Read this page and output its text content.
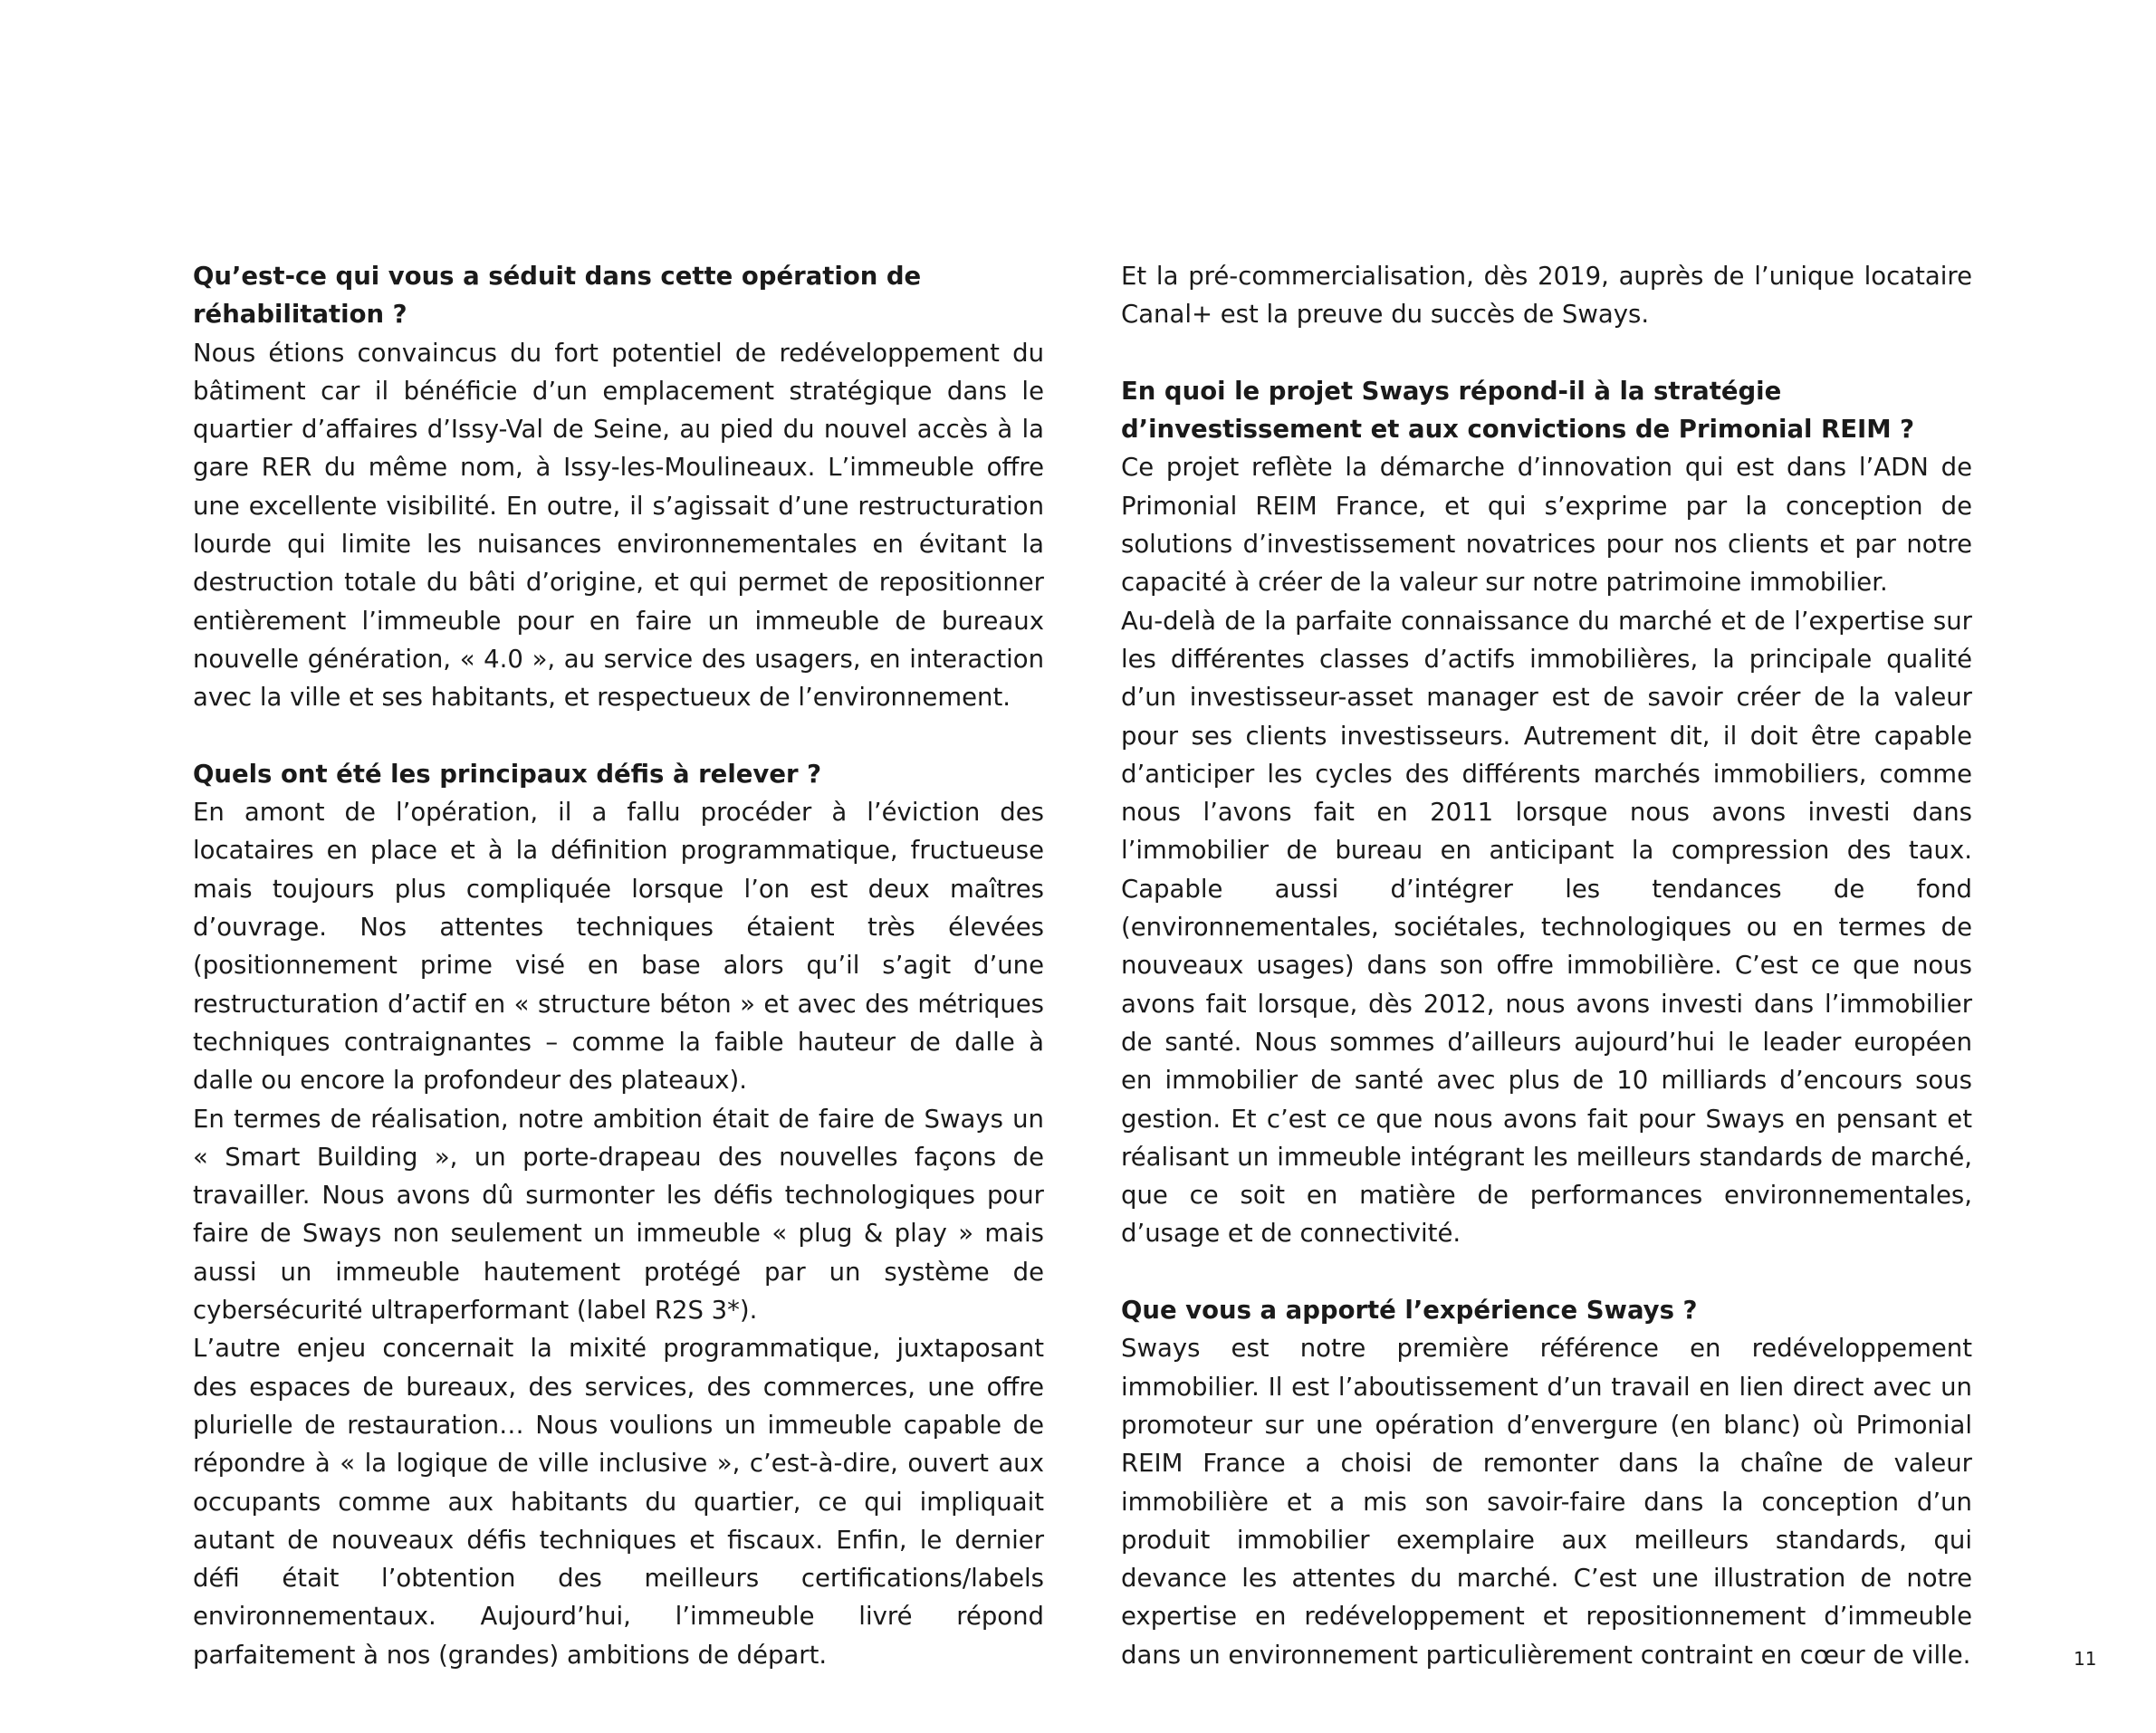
Qu’est-ce qui vous a séduit dans cette opération de réhabilitation ?

Nous étions convaincus du fort potentiel de redéveloppement du bâtiment car il bénéficie d’un emplacement stratégique dans le quartier d’affaires d’Issy-Val de Seine, au pied du nouvel accès à la gare RER du même nom, à Issy-les-Moulineaux. L’immeuble offre une excellente visibilité. En outre, il s’agissait d’une restructuration lourde qui limite les nuisances environnementales en évitant la destruction totale du bâti d’origine, et qui permet de repositionner entièrement l’immeuble pour en faire un immeuble de bureaux nouvelle génération, « 4.0 », au service des usagers, en interaction avec la ville et ses habitants, et respectueux de l’environnement.

Quels ont été les principaux défis à relever ?

En amont de l’opération, il a fallu procéder à l’éviction des locataires en place et à la définition programmatique, fructueuse mais toujours plus compliquée lorsque l’on est deux maîtres d’ouvrage. Nos attentes techniques étaient très élevées (positionnement prime visé en base alors qu’il s’agit d’une restructuration d’actif en « structure béton » et avec des métriques techniques contraignantes – comme la faible hauteur de dalle à dalle ou encore la profondeur des plateaux).

En termes de réalisation, notre ambition était de faire de Sways un « Smart Building », un porte-drapeau des nouvelles façons de travailler. Nous avons dû surmonter les défis technologiques pour faire de Sways non seulement un immeuble « plug & play » mais aussi un immeuble hautement protégé par un système de cybersécurité ultraperformant (label R2S 3*).

L’autre enjeu concernait la mixité programmatique, juxtaposant des espaces de bureaux, des services, des commerces, une offre plurielle de restauration… Nous voulions un immeuble capable de répondre à « la logique de ville inclusive », c’est-à-dire, ouvert aux occupants comme aux habitants du quartier, ce qui impliquait autant de nouveaux défis techniques et fiscaux. Enfin, le dernier défi était l’obtention des meilleurs certifications/labels environnementaux. Aujourd’hui, l’immeuble livré répond parfaitement à nos (grandes) ambitions de départ.

Et la pré-commercialisation, dès 2019, auprès de l’unique locataire Canal+ est la preuve du succès de Sways.

En quoi le projet Sways répond-il à la stratégie d’investissement et aux convictions de Primonial REIM ?

Ce projet reflète la démarche d’innovation qui est dans l’ADN de Primonial REIM France, et qui s’exprime par la conception de solutions d’investissement novatrices pour nos clients et par notre capacité à créer de la valeur sur notre patrimoine immobilier.

Au-delà de la parfaite connaissance du marché et de l’expertise sur les différentes classes d’actifs immobilières, la principale qualité d’un investisseur-asset manager est de savoir créer de la valeur pour ses clients investisseurs. Autrement dit, il doit être capable d’anticiper les cycles des différents marchés immobiliers, comme nous l’avons fait en 2011 lorsque nous avons investi dans l’immobilier de bureau en anticipant la compression des taux. Capable aussi d’intégrer les tendances de fond (environnementales, sociétales, technologiques ou en termes de nouveaux usages) dans son offre immobilière. C’est ce que nous avons fait lorsque, dès 2012, nous avons investi dans l’immobilier de santé. Nous sommes d’ailleurs aujourd’hui le leader européen en immobilier de santé avec plus de 10 milliards d’encours sous gestion. Et c’est ce que nous avons fait pour Sways en pensant et réalisant un immeuble intégrant les meilleurs standards de marché, que ce soit en matière de performances environnementales, d’usage et de connectivité.

Que vous a apporté l’expérience Sways ?

Sways est notre première référence en redéveloppement immobilier. Il est l’aboutissement d’un travail en lien direct avec un promoteur sur une opération d’envergure (en blanc) où Primonial REIM France a choisi de remonter dans la chaîne de valeur immobilière et a mis son savoir-faire dans la conception d’un produit immobilier exemplaire aux meilleurs standards, qui devance les attentes du marché. C’est une illustration de notre expertise en redéveloppement et repositionnement d’immeuble dans un environnement particulièrement contraint en cœur de ville.	11
